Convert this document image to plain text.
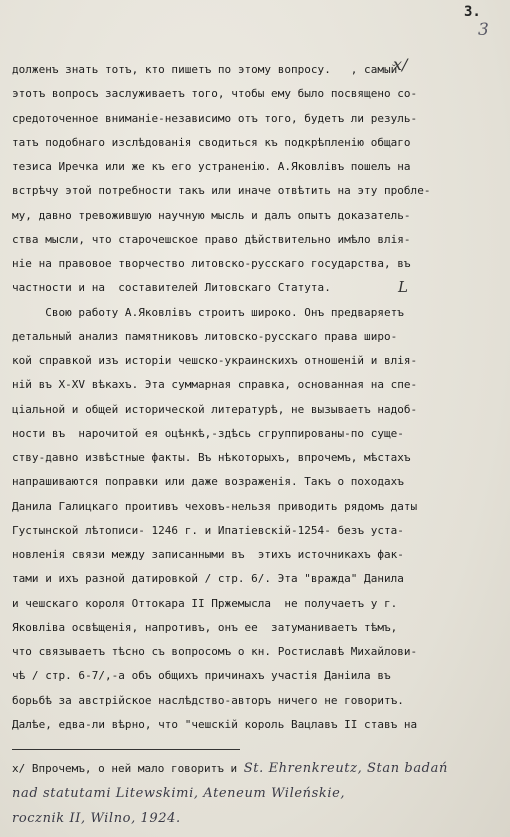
3.
3
долженъ знать тотъ, кто пишетъ по этому вопросу.   , самый
этотъ вопросъ заслуживаетъ того, чтобы ему было посвящено со-
средоточенное вниманіе-независимо отъ того, будетъ ли резуль-
татъ подобнаго изслѣдованія сводиться къ подкрѣпленію общаго
тезиса Иречка или же къ его устраненію. А.Яковлівъ пошелъ на
встрѣчу этой потребности такъ или иначе отвѣтить на эту пробле-
му, давно тревожившую научную мысль и далъ опытъ доказатель-
ства мысли, что старочешское право дѣйствительно имѣло влія-
ніе на правовое творчество литовско-русскаго государства, въ
частности и на  составителей Литовскаго Статута.
Свою работу А.Яковлівъ строитъ широко. Онъ предваряетъ
детальный анализ памятниковъ литовско-русскаго права широ-
кой справкой изъ исторіи чешско-украинскихъ отношеній и влія-
ній въ X-XV вѣкахъ. Эта суммарная справка, основанная на спе-
ціальной и общей исторической литературѣ, не вызываетъ надоб-
ности въ  нарочитой ея оцѣнкѣ,-здѣсь сгруппированы-по суще-
ству-давно извѣстные факты. Въ нѣкоторыхъ, впрочемъ, мѣстахъ
напрашиваются поправки или даже возраженія. Такъ о походахъ
Данила Галицкаго проитивъ чеховъ-нельзя приводить рядомъ даты
Густынской лѣтописи- 1246 г. и Ипатіевскій-1254- безъ уста-
новленія связи между записанными въ  этихъ источникахъ фак-
тами и ихъ разной датировкой / стр. 6/. Эта "вражда" Данила
и чешскаго короля Оттокара II Пржемысла  не получаетъ у г.
Яковліва освѣщенія, напротивъ, онъ ее  затуманиваетъ тѣмъ,
что связываетъ тѣсно съ вопросомъ о кн. Ростиславѣ Михайлови-
чѣ / стр. 6-7/,-а объ общихъ причинахъ участія Даніила въ
борьбѣ за австрійское наслѣдство-авторъ ничего не говоритъ.
Далѣе, едва-ли вѣрно, что "чешскій король Вацлавъ II ставъ на
x/
L
x/ Впрочемъ, о ней мало говоритъ и St. Ehrenkreutz, Stan badań
nad statutami Litewskimi, Ateneum Wileńskie,
rocznik II, Wilno, 1924.
